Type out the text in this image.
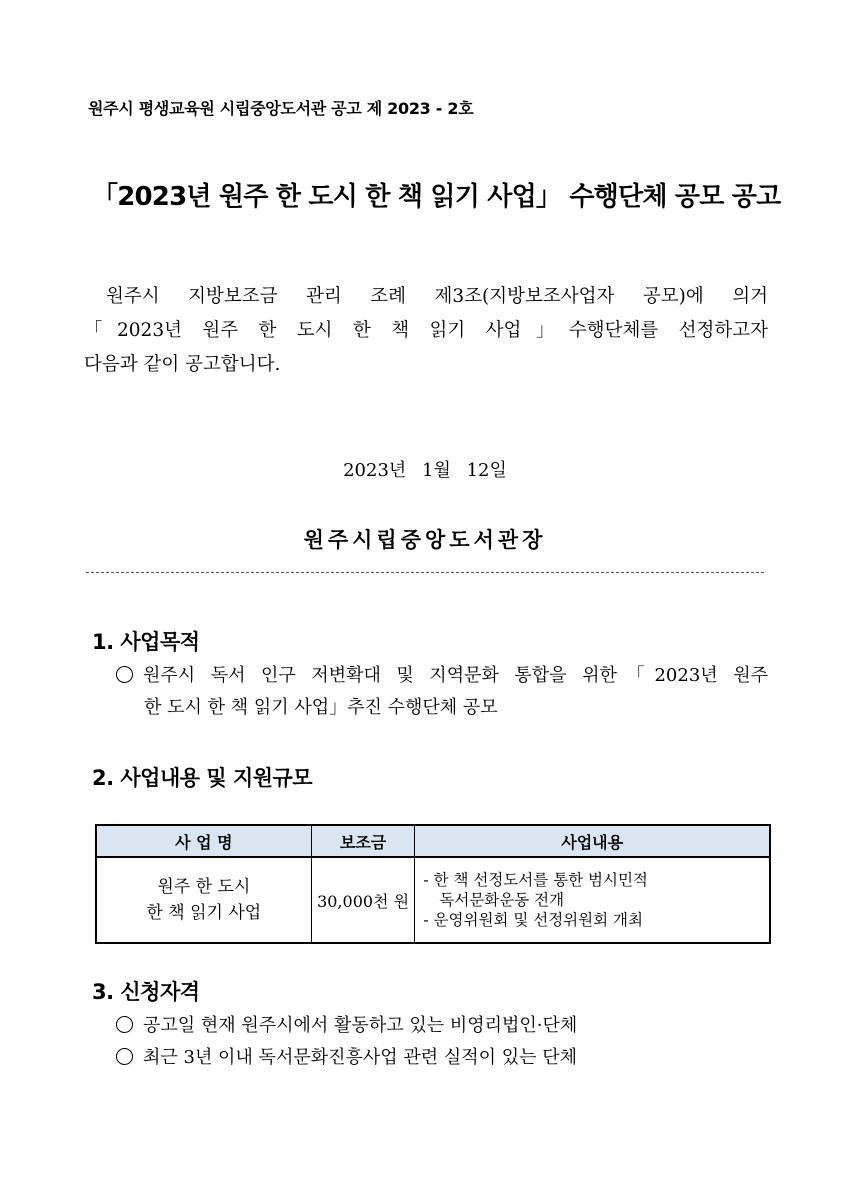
원주시 평생교육원 시립중앙도서관 공고 제 2023 - 2호
「2023년 원주 한 도시 한 책 읽기 사업」 수행단체 공모 공고
원주시 지방보조금 관리 조례 제3조(지방보조사업자 공모)에 의거
「2023년 원주 한 도시 한 책 읽기 사업」수행단체를 선정하고자
다음과 같이 공고합니다.
2023년 1월 12일
원주시립중앙도서관장
1. 사업목적
원주시 독서 인구 저변확대 및 지역문화 통합을 위한「2023년 원주
한 도시 한 책 읽기 사업」추진 수행단체 공모
2. 사업내용 및 지원규모
사 업 명	보조금	사업내용

원주 한 도시
한 책 읽기 사업	30,000천 원	- 한 책 선정도서를 통한 범시민적
독서문화운동 전개
- 운영위원회 및 선정위원회 개최
3. 신청자격
공고일 현재 원주시에서 활동하고 있는 비영리법인·단체
최근 3년 이내 독서문화진흥사업 관련 실적이 있는 단체
